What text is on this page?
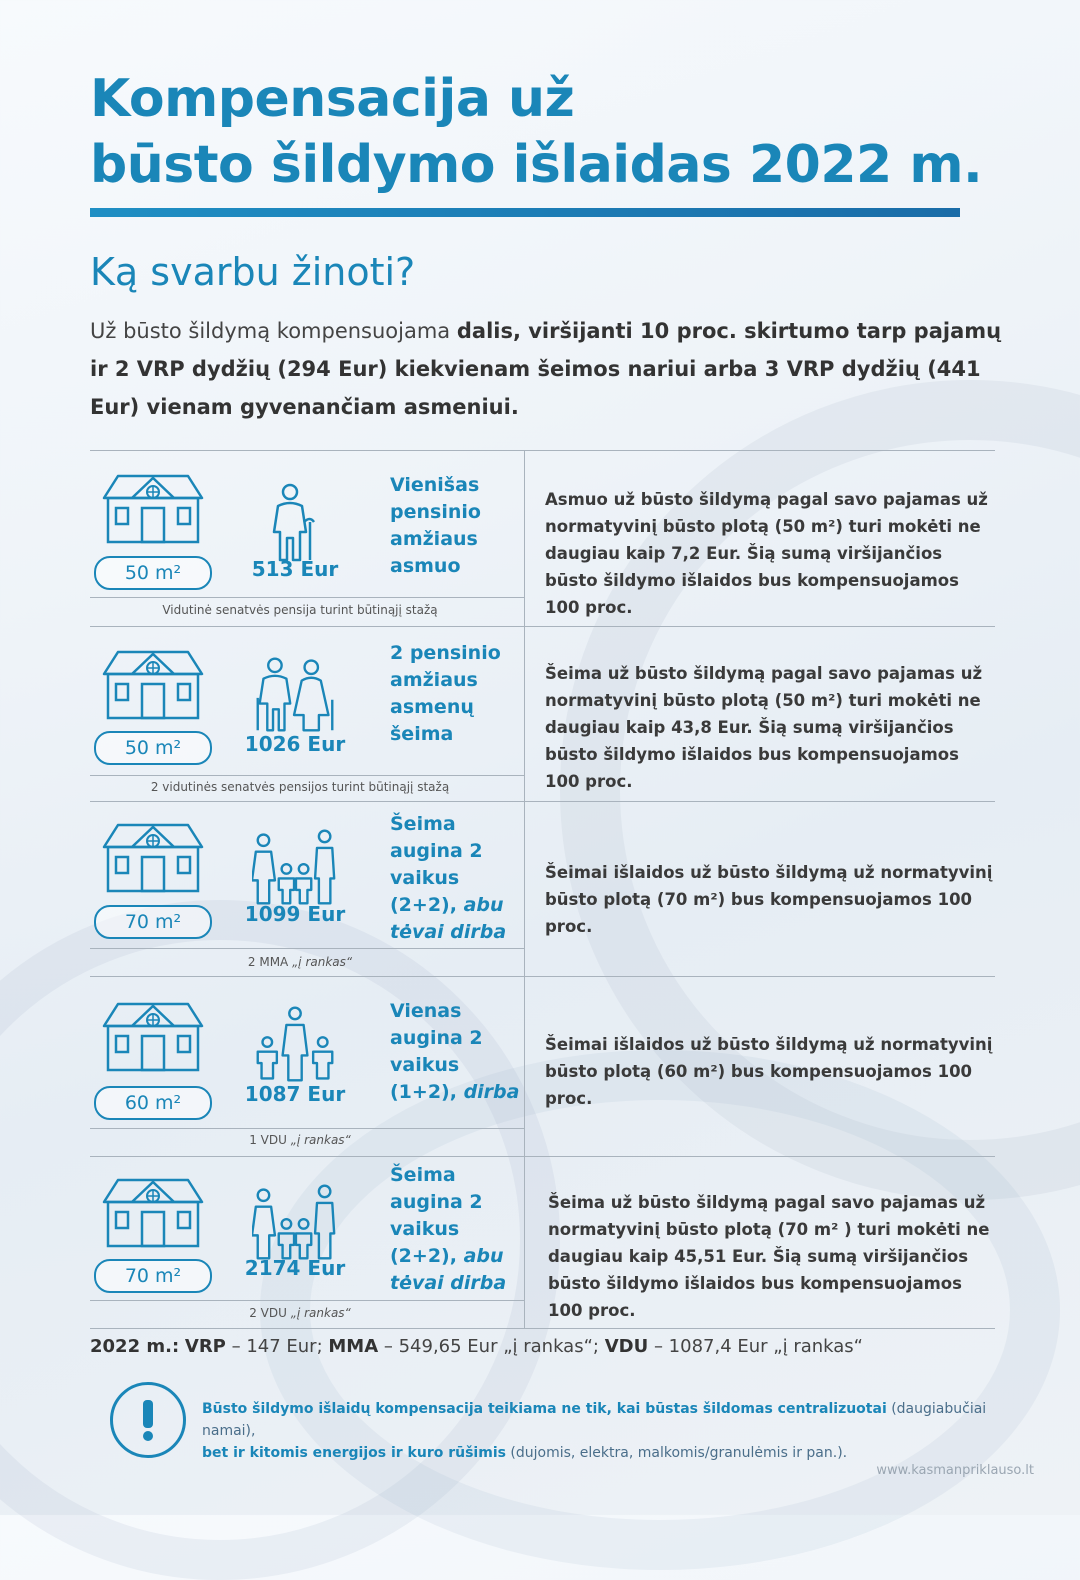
Kompensacija už
būsto šildymo išlaidas 2022 m.
Ką svarbu žinoti?
Už būsto šildymą kompensuojama dalis, viršijanti 10 proc. skirtumo tarp pajamų ir 2 VRP dydžių (294 Eur) kiekvienam šeimos nariui arba 3 VRP dydžių (441 Eur) vienam gyvenančiam asmeniui.
50 m²	513 Eur
Vienišas
pensinio
amžiaus
asmuo
Vidutinė senatvės pensija turint būtinąjį stažą
Asmuo už būsto šildymą pagal savo pajamas už normatyvinį būsto plotą (50 m²) turi mokėti ne daugiau kaip 7,2 Eur. Šią sumą viršijančios būsto šildymo išlaidos bus kompensuojamos 100 proc.
50 m²	1026 Eur
2 pensinio
amžiaus
asmenų
šeima
2 vidutinės senatvės pensijos turint būtinąjį stažą
Šeima už būsto šildymą pagal savo pajamas už normatyvinį būsto plotą (50 m²) turi mokėti ne daugiau kaip 43,8 Eur. Šią sumą viršijančios būsto šildymo išlaidos bus kompensuojamos 100 proc.
70 m²	1099 Eur
Šeima
augina 2
vaikus
(2+2), abu tėvai dirba
2 MMA „į rankas“
Šeimai išlaidos už būsto šildymą už normatyvinį būsto plotą (70 m²) bus kompensuojamos 100 proc.
60 m²	1087 Eur
Vienas
augina 2
vaikus
(1+2), dirba
1 VDU „į rankas“
Šeimai išlaidos už būsto šildymą už normatyvinį būsto plotą (60 m²) bus kompensuojamos 100 proc.
70 m²	2174 Eur
Šeima
augina 2
vaikus
(2+2), abu tėvai dirba
2 VDU „į rankas“
Šeima už būsto šildymą pagal savo pajamas už normatyvinį būsto plotą (70 m² ) turi mokėti ne daugiau kaip 45,51 Eur. Šią sumą viršijančios būsto šildymo išlaidos bus kompensuojamos 100 proc.
2022 m.: VRP – 147 Eur; MMA – 549,65 Eur „į rankas“; VDU – 1087,4 Eur „į rankas“
Būsto šildymo išlaidų kompensacija teikiama ne tik, kai būstas šildomas centralizuotai (daugiabučiai namai),
bet ir kitomis energijos ir kuro rūšimis (dujomis, elektra, malkomis/granulėmis ir pan.).
www.kasmanpriklauso.lt
